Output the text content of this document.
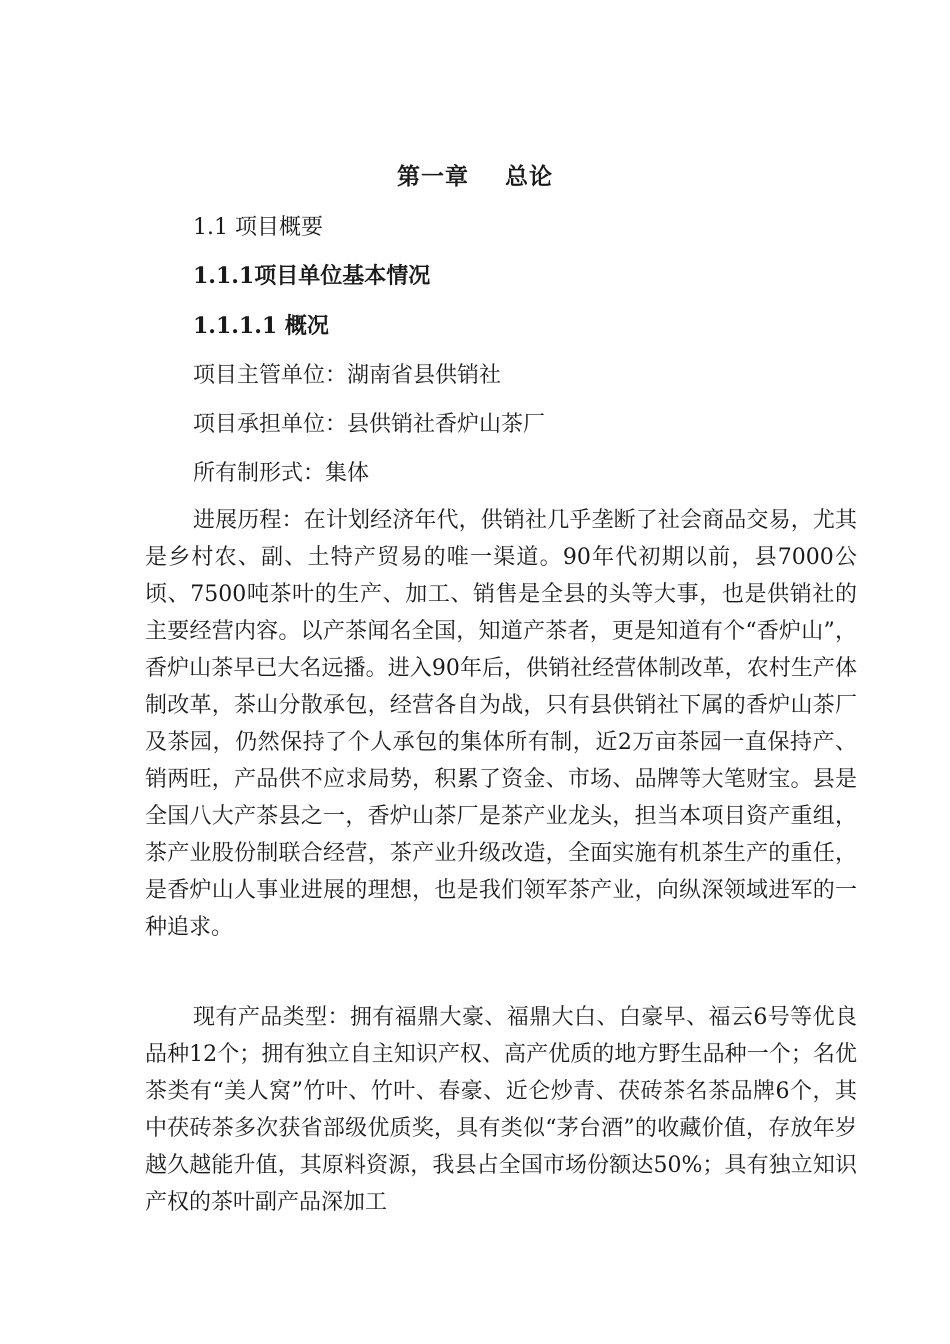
第一章 总论
1.1 项目概要
1.1.1项目单位基本情况
1.1.1.1 概况
项目主管单位：湖南省县供销社
项目承担单位：县供销社香炉山茶厂
所有制形式：集体

进展历程：在计划经济年代，供销社几乎垄断了社会商品交易，尤其是乡村农、副、土特产贸易的唯一渠道。90年代初期以前，县7000公顷、7500吨茶叶的生产、加工、销售是全县的头等大事，也是供销社的主要经营内容。以产茶闻名全国，知道产茶者，更是知道有个“香炉山”，香炉山茶早已大名远播。进入90年后，供销社经营体制改革，农村生产体制改革，茶山分散承包，经营各自为战，只有县供销社下属的香炉山茶厂及茶园，仍然保持了个人承包的集体所有制，近2万亩茶园一直保持产、销两旺，产品供不应求局势，积累了资金、市场、品牌等大笔财宝。县是全国八大产茶县之一，香炉山茶厂是茶产业龙头，担当本项目资产重组，茶产业股份制联合经营，茶产业升级改造，全面实施有机茶生产的重任，是香炉山人事业进展的理想，也是我们领军茶产业，向纵深领域进军的一种追求。

现有产品类型：拥有福鼎大豪、福鼎大白、白豪早、福云6号等优良品种12个；拥有独立自主知识产权、高产优质的地方野生品种一个；名优茶类有“美人窝”竹叶、竹叶、春豪、近仑炒青、茯砖茶名茶品牌6个，其中茯砖茶多次获省部级优质奖，具有类似“茅台酒”的收藏价值，存放年岁越久越能升值，其原料资源，我县占全国市场份额达50%；具有独立知识产权的茶叶副产品深加工
